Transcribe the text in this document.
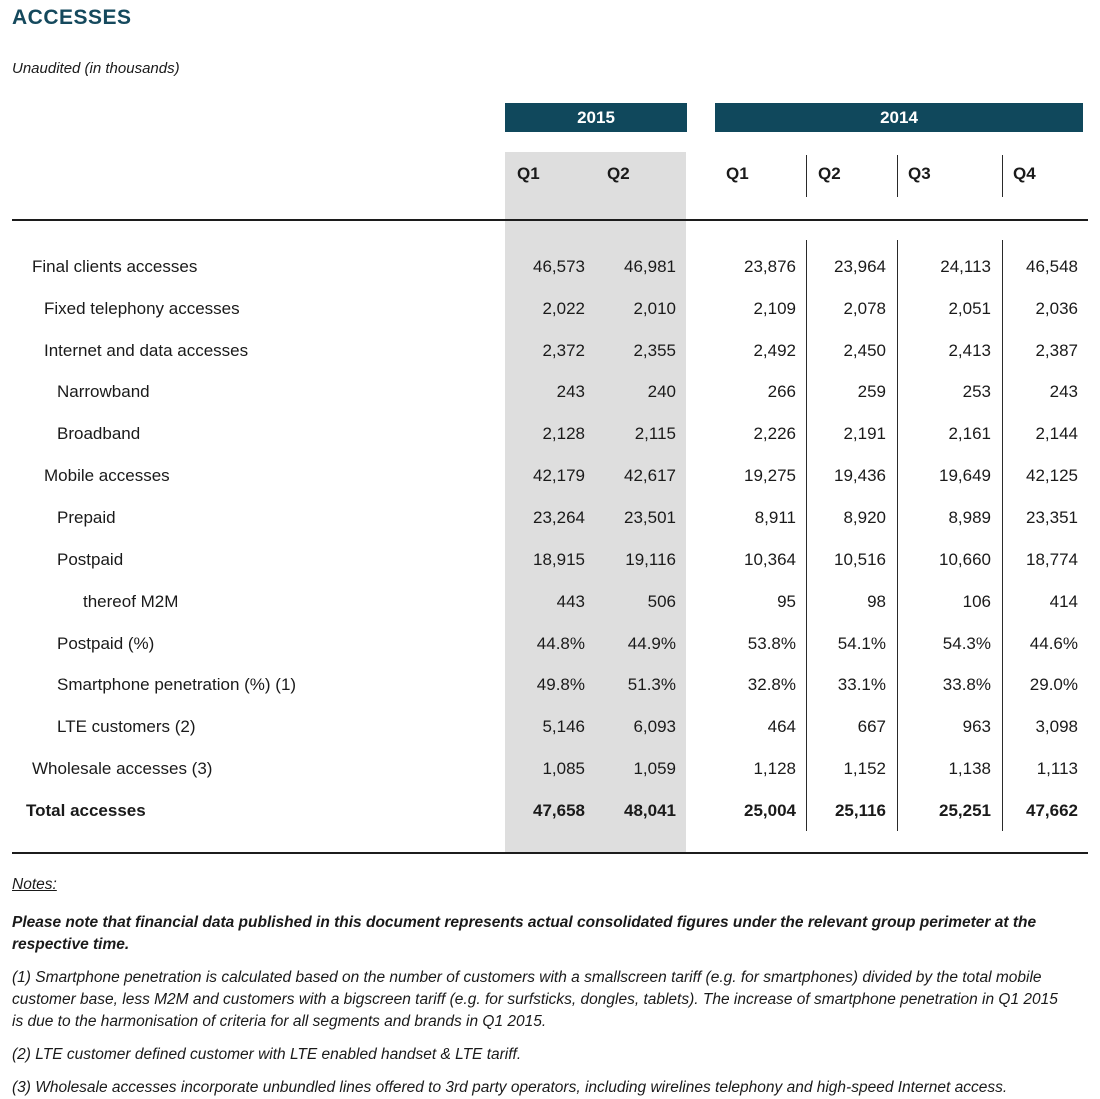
ACCESSES
Unaudited (in thousands)
2015	2014
Q1	Q2	Q1	Q2	Q3	Q4
Final clients accesses	46,573	46,981	23,876	23,964	24,113	46,548
Fixed telephony accesses	2,022	2,010	2,109	2,078	2,051	2,036
Internet and data accesses	2,372	2,355	2,492	2,450	2,413	2,387
Narrowband	243	240	266	259	253	243
Broadband	2,128	2,115	2,226	2,191	2,161	2,144
Mobile accesses	42,179	42,617	19,275	19,436	19,649	42,125
Prepaid	23,264	23,501	8,911	8,920	8,989	23,351
Postpaid	18,915	19,116	10,364	10,516	10,660	18,774
thereof M2M	443	506	95	98	106	414
Postpaid (%)	44.8%	44.9%	53.8%	54.1%	54.3%	44.6%
Smartphone penetration (%) (1)	49.8%	51.3%	32.8%	33.1%	33.8%	29.0%
LTE customers (2)	5,146	6,093	464	667	963	3,098
Wholesale accesses (3)	1,085	1,059	1,128	1,152	1,138	1,113
Total accesses	47,658	48,041	25,004	25,116	25,251	47,662

Notes:

Please note that financial data published in this document represents actual consolidated figures under the relevant group perimeter at the respective time.

(1) Smartphone penetration is calculated based on the number of customers with a smallscreen tariff (e.g. for smartphones) divided by the total mobile customer base, less M2M and customers with a bigscreen tariff (e.g. for surfsticks, dongles, tablets). The increase of smartphone penetration in Q1 2015 is due to the harmonisation of criteria for all segments and brands in Q1 2015.

(2) LTE customer defined customer with LTE enabled handset & LTE tariff.

(3) Wholesale accesses incorporate unbundled lines offered to 3rd party operators, including wirelines telephony and high-speed Internet access.
